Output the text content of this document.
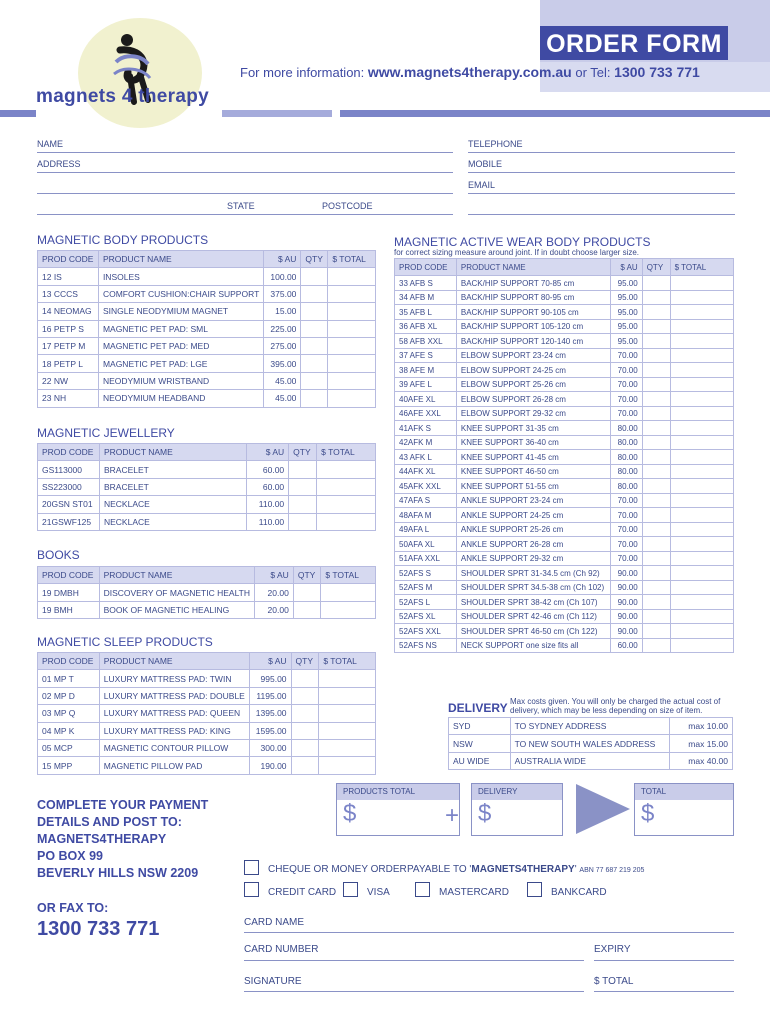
ORDER FORM
magnets 4 therapy
For more information: www.magnets4therapy.com.au or Tel: 1300 733 771
NAME
ADDRESS
STATE	POSTCODE
TELEPHONE
MOBILE
EMAIL
MAGNETIC BODY PRODUCTS
PROD CODE	PRODUCT NAME	$ AU	QTY	$ TOTAL
12 IS	INSOLES	100.00		
13 CCCS	COMFORT CUSHION:CHAIR SUPPORT	375.00		
14 NEOMAG	SINGLE NEODYMIUM MAGNET	15.00		
16 PETP S	MAGNETIC PET PAD: SML	225.00		
17 PETP M	MAGNETIC PET PAD: MED	275.00		
18 PETP L	MAGNETIC PET PAD: LGE	395.00		
22 NW	NEODYMIUM WRISTBAND	45.00		
23 NH	NEODYMIUM HEADBAND	45.00		
MAGNETIC JEWELLERY
PROD CODE	PRODUCT NAME	$ AU	QTY	$ TOTAL
GS113000	BRACELET	60.00		
SS223000	BRACELET	60.00		
20GSN ST01	NECKLACE	110.00		
21GSWF125	NECKLACE	110.00		
BOOKS
PROD CODE	PRODUCT NAME	$ AU	QTY	$ TOTAL
19 DMBH	DISCOVERY OF MAGNETIC HEALTH	20.00		
19 BMH	BOOK OF MAGNETIC HEALING	20.00		
MAGNETIC SLEEP PRODUCTS
PROD CODE	PRODUCT NAME	$ AU	QTY	$ TOTAL
01 MP T	LUXURY MATTRESS PAD: TWIN	995.00		
02 MP D	LUXURY MATTRESS PAD: DOUBLE	1195.00		
03 MP Q	LUXURY MATTRESS PAD: QUEEN	1395.00		
04 MP K	LUXURY MATTRESS PAD: KING	1595.00		
05 MCP	MAGNETIC CONTOUR PILLOW	300.00		
15 MPP	MAGNETIC PILLOW PAD	190.00		
MAGNETIC ACTIVE WEAR BODY PRODUCTS
for correct sizing measure around joint. If in doubt choose larger size.
PROD CODE	PRODUCT NAME	$ AU	QTY	$ TOTAL
33 AFB S	BACK/HIP SUPPORT 70-85 cm	95.00		
34 AFB M	BACK/HIP SUPPORT 80-95 cm	95.00		
35 AFB L	BACK/HIP SUPPORT 90-105 cm	95.00		
36 AFB XL	BACK/HIP SUPPORT 105-120 cm	95.00		
58 AFB XXL	BACK/HIP SUPPORT 120-140 cm	95.00		
37 AFE S	ELBOW SUPPORT 23-24 cm	70.00		
38 AFE M	ELBOW SUPPORT 24-25 cm	70.00		
39 AFE L	ELBOW SUPPORT 25-26 cm	70.00		
40AFE XL	ELBOW SUPPORT 26-28 cm	70.00		
46AFE XXL	ELBOW SUPPORT 29-32 cm	70.00		
41AFK S	KNEE SUPPORT 31-35 cm	80.00		
42AFK M	KNEE SUPPORT 36-40 cm	80.00		
43 AFK L	KNEE SUPPORT 41-45 cm	80.00		
44AFK XL	KNEE SUPPORT 46-50 cm	80.00		
45AFK XXL	KNEE SUPPORT 51-55 cm	80.00		
47AFA S	ANKLE SUPPORT 23-24 cm	70.00		
48AFA M	ANKLE SUPPORT 24-25 cm	70.00		
49AFA L	ANKLE SUPPORT 25-26 cm	70.00		
50AFA XL	ANKLE SUPPORT 26-28 cm	70.00		
51AFA XXL	ANKLE SUPPORT 29-32 cm	70.00		
52AFS S	SHOULDER SPRT 31-34.5 cm (Ch 92)	90.00		
52AFS M	SHOULDER SPRT 34.5-38 cm (Ch 102)	90.00		
52AFS L	SHOULDER SPRT 38-42 cm (Ch 107)	90.00		
52AFS XL	SHOULDER SPRT 42-46 cm (Ch 112)	90.00		
52AFS XXL	SHOULDER SPRT 46-50 cm (Ch 122)	90.00		
52AFS NS	NECK SUPPORT one size fits all	60.00		
DELIVERY Max costs given. You will only be charged the actual cost of delivery, which may be less depending on size of item.
SYD	TO SYDNEY ADDRESS	max 10.00
NSW	TO NEW SOUTH WALES ADDRESS	max 15.00
AU WIDE	AUSTRALIA WIDE	max 40.00
PRODUCTS TOTAL
$	+
DELIVERY
$
TOTAL
$
COMPLETE YOUR PAYMENT
DETAILS AND POST TO:
MAGNETS4THERAPY
PO BOX 99
BEVERLY HILLS NSW 2209
OR FAX TO:
1300 733 771
CHEQUE OR MONEY ORDER PAYABLE TO 'MAGNETS4THERAPY' ABN 77 687 219 205
CREDIT CARD	VISA	MASTERCARD	BANKCARD
CARD NAME
CARD NUMBER	EXPIRY
SIGNATURE	$ TOTAL
